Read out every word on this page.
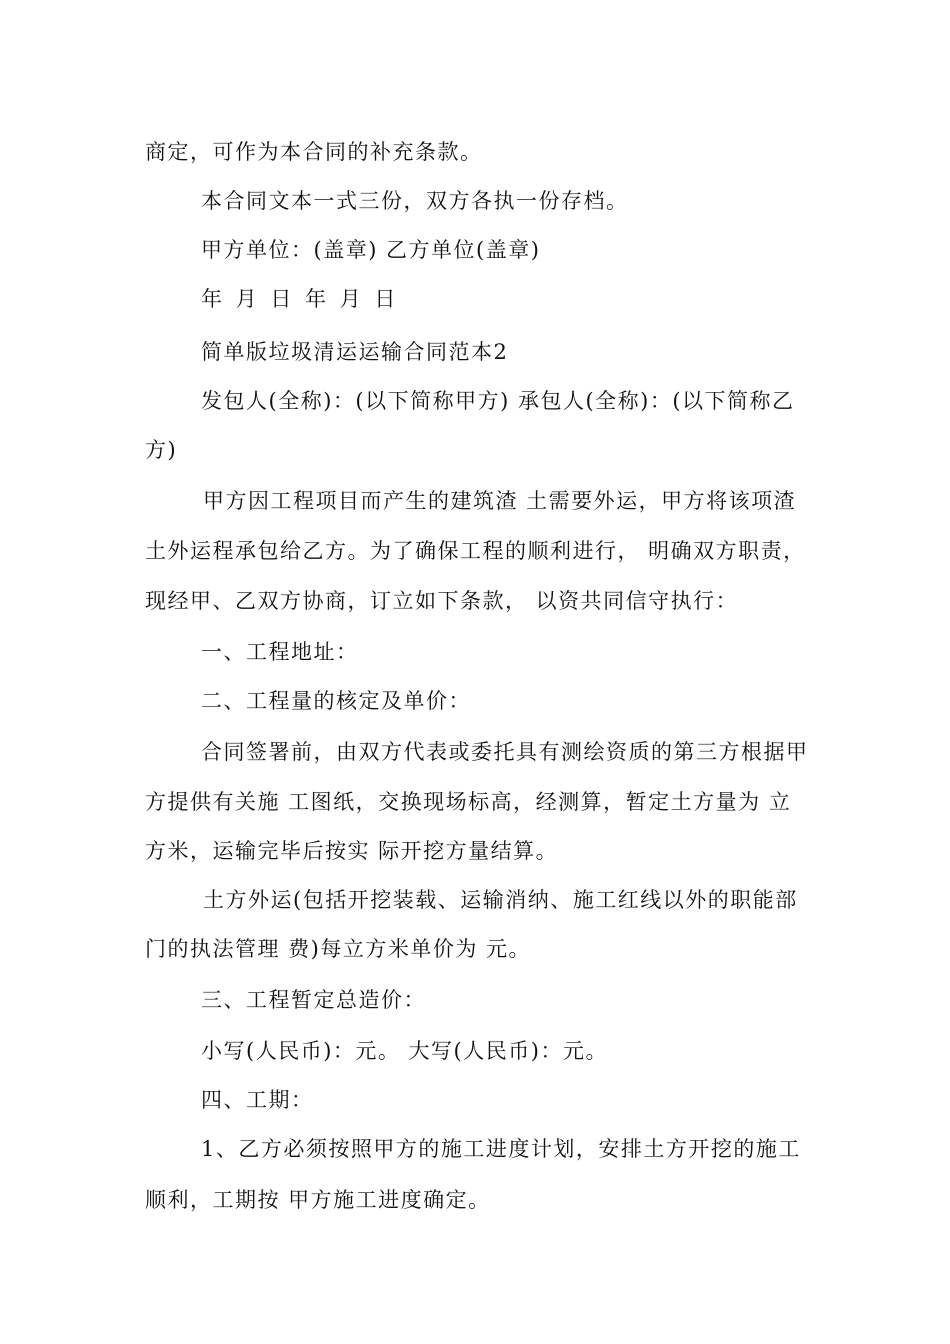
商定，可作为本合同的补充条款。
本合同文本一式三份，双方各执一份存档。
甲方单位：(盖章) 乙方单位(盖章)
年 月 日 年 月 日
简单版垃圾清运运输合同范本2
发包人(全称)：(以下简称甲方) 承包人(全称)：(以下简称乙
方)
甲方因工程项目而产生的建筑渣 土需要外运，甲方将该项渣
土外运程承包给乙方。为了确保工程的顺利进行， 明确双方职责，
现经甲、乙双方协商，订立如下条款， 以资共同信守执行：
一、工程地址：
二、工程量的核定及单价：
合同签署前，由双方代表或委托具有测绘资质的第三方根据甲
方提供有关施 工图纸，交换现场标高，经测算，暂定土方量为 立
方米，运输完毕后按实 际开挖方量结算。
土方外运(包括开挖装载、运输消纳、施工红线以外的职能部
门的执法管理 费)每立方米单价为 元。
三、工程暂定总造价：
小写(人民币)：元。 大写(人民币)：元。
四、工期：
1、乙方必须按照甲方的施工进度计划，安排土方开挖的施工
顺利，工期按 甲方施工进度确定。
